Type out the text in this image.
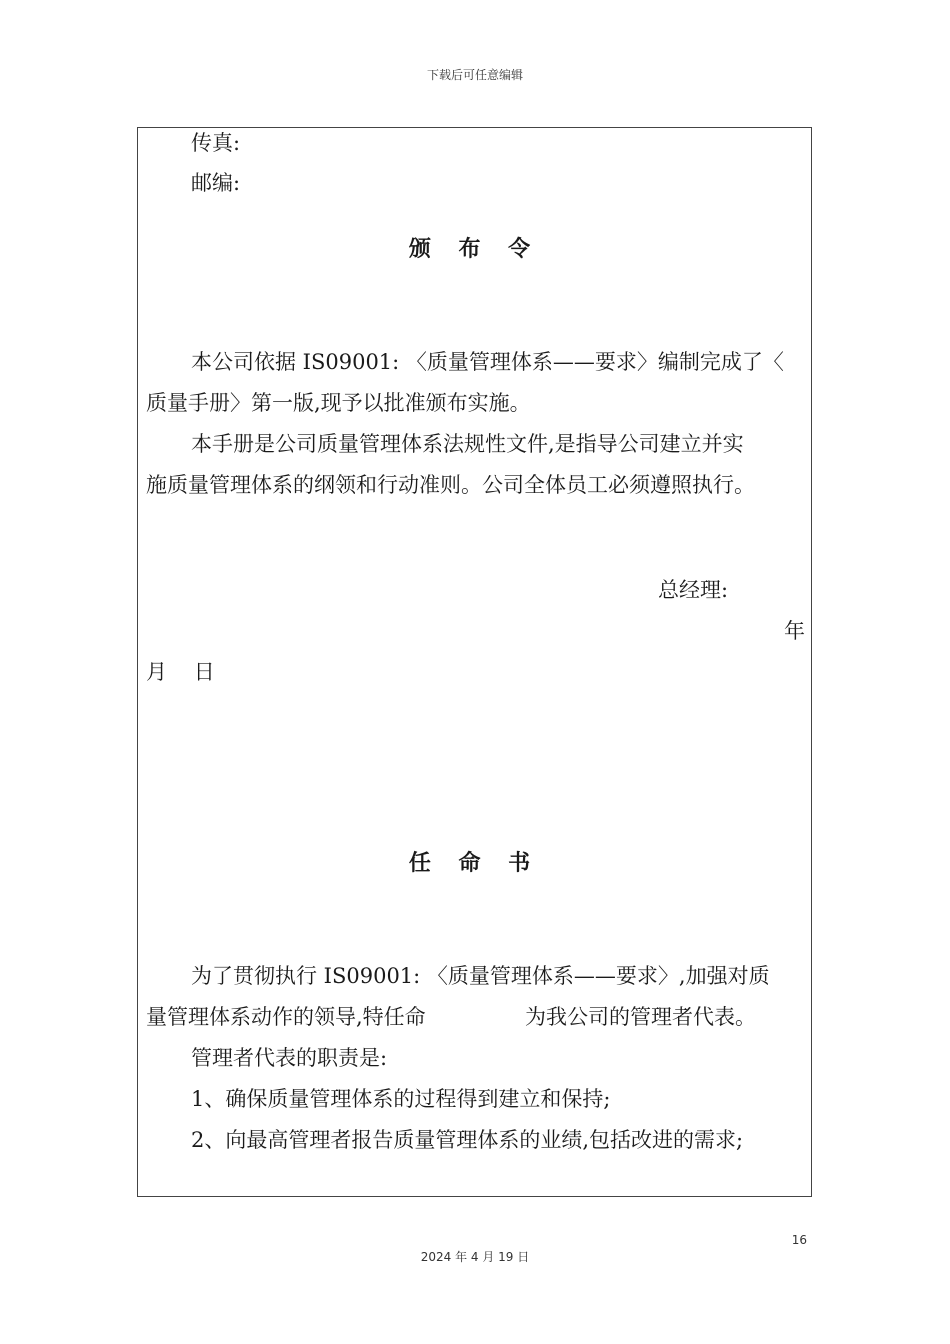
下载后可任意编辑
传真:
邮编:
颁 布 令
本公司依据 IS09001: 〈质量管理体系——要求〉编制完成了〈
质量手册〉第一版,现予以批准颁布实施。
本手册是公司质量管理体系法规性文件,是指导公司建立并实
施质量管理体系的纲领和行动准则。公司全体员工必须遵照执行。
总经理:
年
月    日
任 命 书
为了贯彻执行 IS09001: 〈质量管理体系——要求〉,加强对质
量管理体系动作的领导,特任命	为我公司的管理者代表。
管理者代表的职责是:
1、确保质量管理体系的过程得到建立和保持;
2、向最高管理者报告质量管理体系的业绩,包括改进的需求;
16
2024 年 4 月 19 日
